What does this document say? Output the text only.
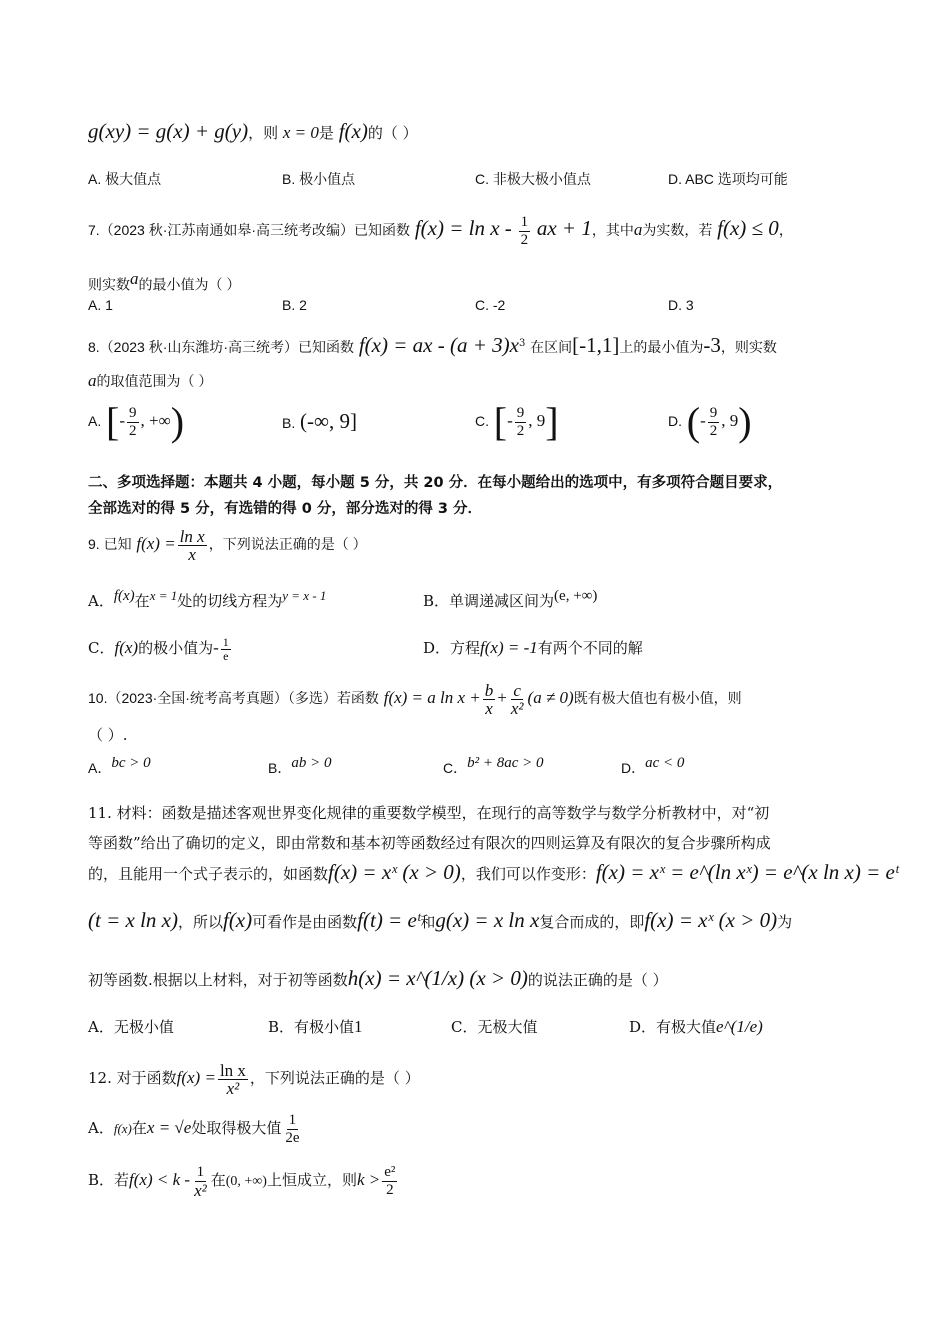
g(xy) = g(x) + g(y)，则 x = 0是 f(x)的（ ）
A. 极大值点	B. 极小值点	C. 非极大极小值点	D. ABC 选项均可能
7.（2023 秋·江苏南通如皋·高三统考改编）已知函数 $f(x) = \ln x - \frac{1}{2}$ ax + 1，其中a为实数，若 f(x) ≤ 0，
则实数$^a$的最小值为（ ）
A. 1	B. 2	C. -2	D. 3
8.（2023 秋·山东潍坊·高三统考）已知函数 f(x) = ax - $(a + 3)x^3$ 在区间[-1,1]上的最小值为-3，则实数
a的取值范围为（ ）
A. [- $\frac{9}{2}$ , +∞)	B. (-∞, 9]	C. [- $\frac{9}{2}$ , 9]	D. (- $\frac{9}{2}$ , 9)
二、多项选择题：本题共 4 小题，每小题 5 分，共 20 分．在每小题给出的选项中，有多项符合题目要求，
全部选对的得 5 分，有选错的得 0 分，部分选对的得 3 分．
9. 已知 $f(x) = \frac{\text{ln x}}{x}$ ，下列说法正确的是（ ）
A．$^{f(x)}$在$^{x = 1}$处的切线方程为$^{y = x - 1}$	B．单调递减区间为$^{(e, +\infty)}$
C．f(x)的极小值为- $\frac{1}{e}$	D．方程f(x) = -1有两个不同的解
10.（2023·全国·统考高考真题）（多选）若函数 f(x) = a $\ln x + \frac{b}{x} + \frac{c}{\text{x²}} (a \ne 0)$既有极大值也有极小值，则
（ ）.
A．$^{bc > 0}$	B．$^{ab > 0}$	C．$^{b^2 + 8ac > 0}$	D．$^{ac < 0}$
11. 材料：函数是描述客观世界变化规律的重要数学模型，在现行的高等数学与数学分析教材中，对“初
等函数”给出了确切的定义，即由常数和基本初等函数经过有限次的四则运算及有限次的复合步骤所构成
的，且能用一个式子表示的，如函数f(x) = xˣ (x > 0)，我们可以作变形：f(x) = xˣ = e^(ln xˣ) = e^(x ln x) = eᵗ
(t = x ln x)，所以f(x)可看作是由函数f(t) = eᵗ和g(x) = x ln x复合而成的，即f(x) = xˣ (x > 0)为
初等函数.根据以上材料，对于初等函数h(x) = x^(1/x) (x > 0)的说法正确的是（ ）
A．无极小值	B．有极小值1	C．无极大值	D．有极大值e^(1/e)
12. 对于函数$f(x) = \frac{\text{ln x}}{\text{x²}}$ ，下列说法正确的是（ ）
A．f(x)在x = √e处取得极大值 $\frac{1}{2e}$
B．若$f(x) < k - \frac{1}{\text{x²}}$ 在(0, +∞)上恒成立，则$k > \frac{\text{e²}}{2}$
